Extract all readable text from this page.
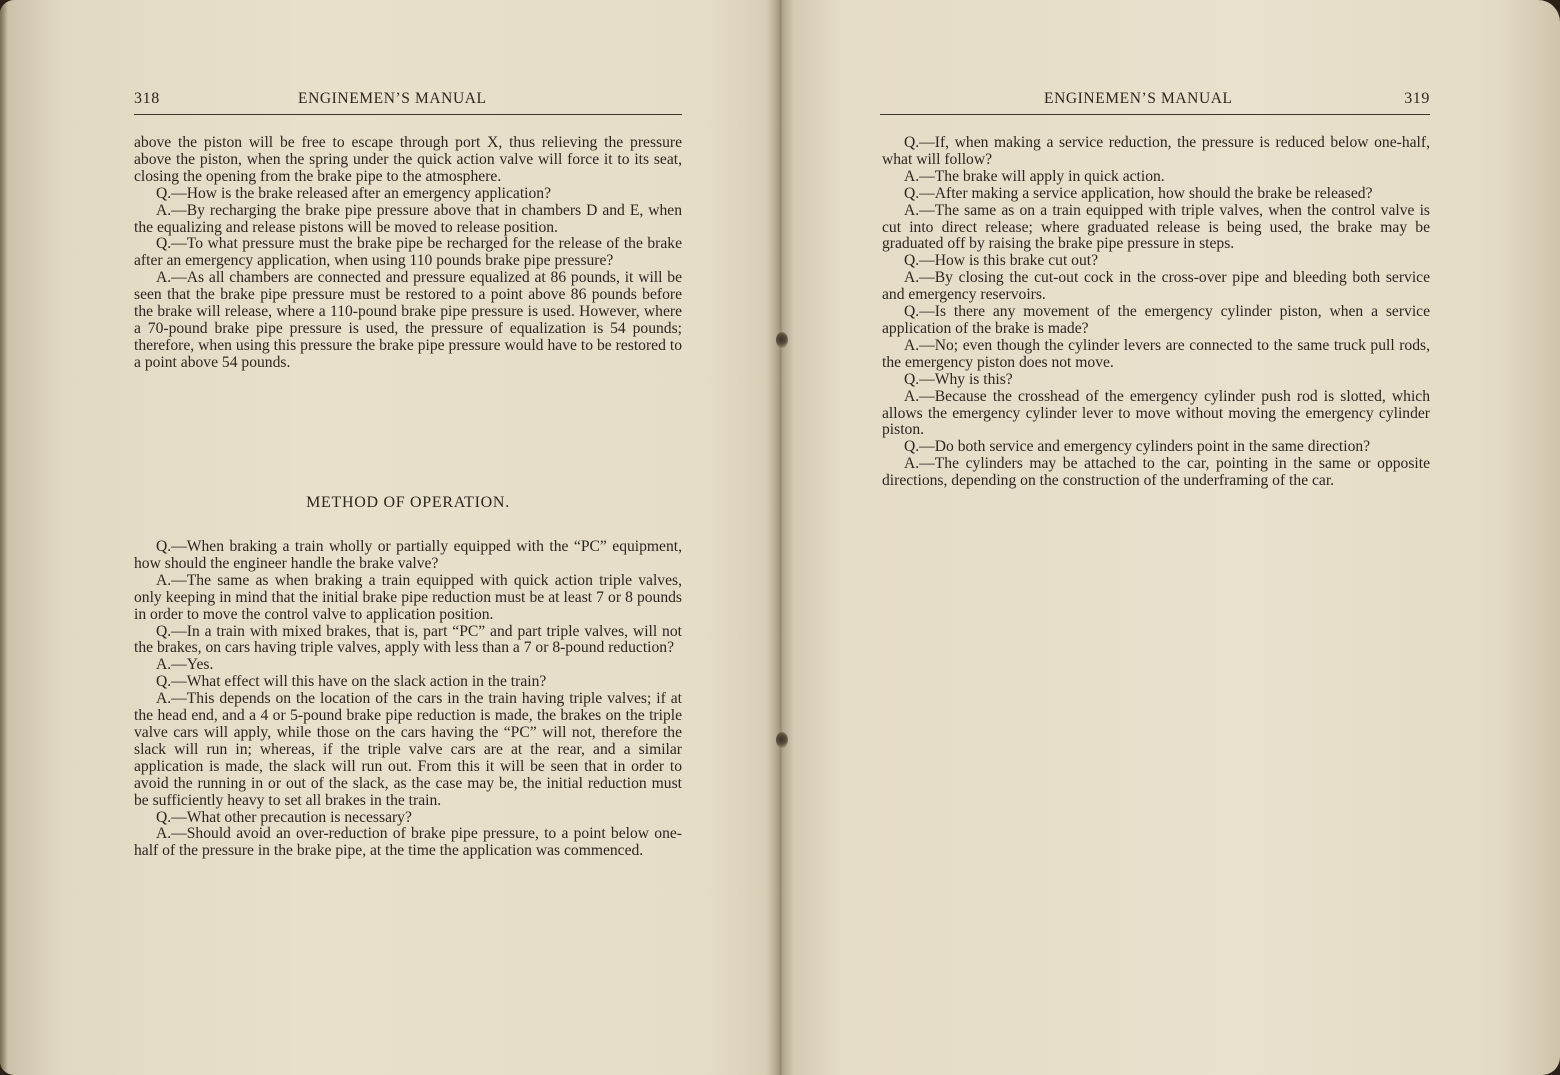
318	ENGINEMEN’S MANUAL

above the piston will be free to escape through port X, thus relieving the pressure above the piston, when the spring under the quick action valve will force it to its seat, closing the opening from the brake pipe to the atmosphere.

Q.—How is the brake released after an emergency application?

A.—By recharging the brake pipe pressure above that in chambers D and E, when the equalizing and release pistons will be moved to release position.

Q.—To what pressure must the brake pipe be recharged for the release of the brake after an emergency application, when using 110 pounds brake pipe pressure?

A.—As all chambers are connected and pressure equalized at 86 pounds, it will be seen that the brake pipe pressure must be restored to a point above 86 pounds before the brake will release, where a 110-pound brake pipe pressure is used. However, where a 70-pound brake pipe pressure is used, the pressure of equalization is 54 pounds; therefore, when using this pressure the brake pipe pressure would have to be restored to a point above 54 pounds.

METHOD OF OPERATION.

Q.—When braking a train wholly or partially equipped with the “PC” equipment, how should the engineer handle the brake valve?

A.—The same as when braking a train equipped with quick action triple valves, only keeping in mind that the initial brake pipe reduction must be at least 7 or 8 pounds in order to move the control valve to application position.

Q.—In a train with mixed brakes, that is, part “PC” and part triple valves, will not the brakes, on cars having triple valves, apply with less than a 7 or 8-pound reduction?

A.—Yes.

Q.—What effect will this have on the slack action in the train?

A.—This depends on the location of the cars in the train having triple valves; if at the head end, and a 4 or 5-pound brake pipe reduction is made, the brakes on the triple valve cars will apply, while those on the cars having the “PC” will not, therefore the slack will run in; whereas, if the triple valve cars are at the rear, and a similar application is made, the slack will run out. From this it will be seen that in order to avoid the running in or out of the slack, as the case may be, the initial reduction must be sufficiently heavy to set all brakes in the train.

Q.—What other precaution is necessary?

A.—Should avoid an over-reduction of brake pipe pressure, to a point below one-half of the pressure in the brake pipe, at the time the application was commenced.

ENGINEMEN’S MANUAL	319

Q.—If, when making a service reduction, the pressure is reduced below one-half, what will follow?

A.—The brake will apply in quick action.

Q.—After making a service application, how should the brake be released?

A.—The same as on a train equipped with triple valves, when the control valve is cut into direct release; where graduated release is being used, the brake may be graduated off by raising the brake pipe pressure in steps.

Q.—How is this brake cut out?

A.—By closing the cut-out cock in the cross-over pipe and bleeding both service and emergency reservoirs.

Q.—Is there any movement of the emergency cylinder piston, when a service application of the brake is made?

A.—No; even though the cylinder levers are connected to the same truck pull rods, the emergency piston does not move.

Q.—Why is this?

A.—Because the crosshead of the emergency cylinder push rod is slotted, which allows the emergency cylinder lever to move without moving the emergency cylinder piston.

Q.—Do both service and emergency cylinders point in the same direction?

A.—The cylinders may be attached to the car, pointing in the same or opposite directions, depending on the construction of the underframing of the car.
